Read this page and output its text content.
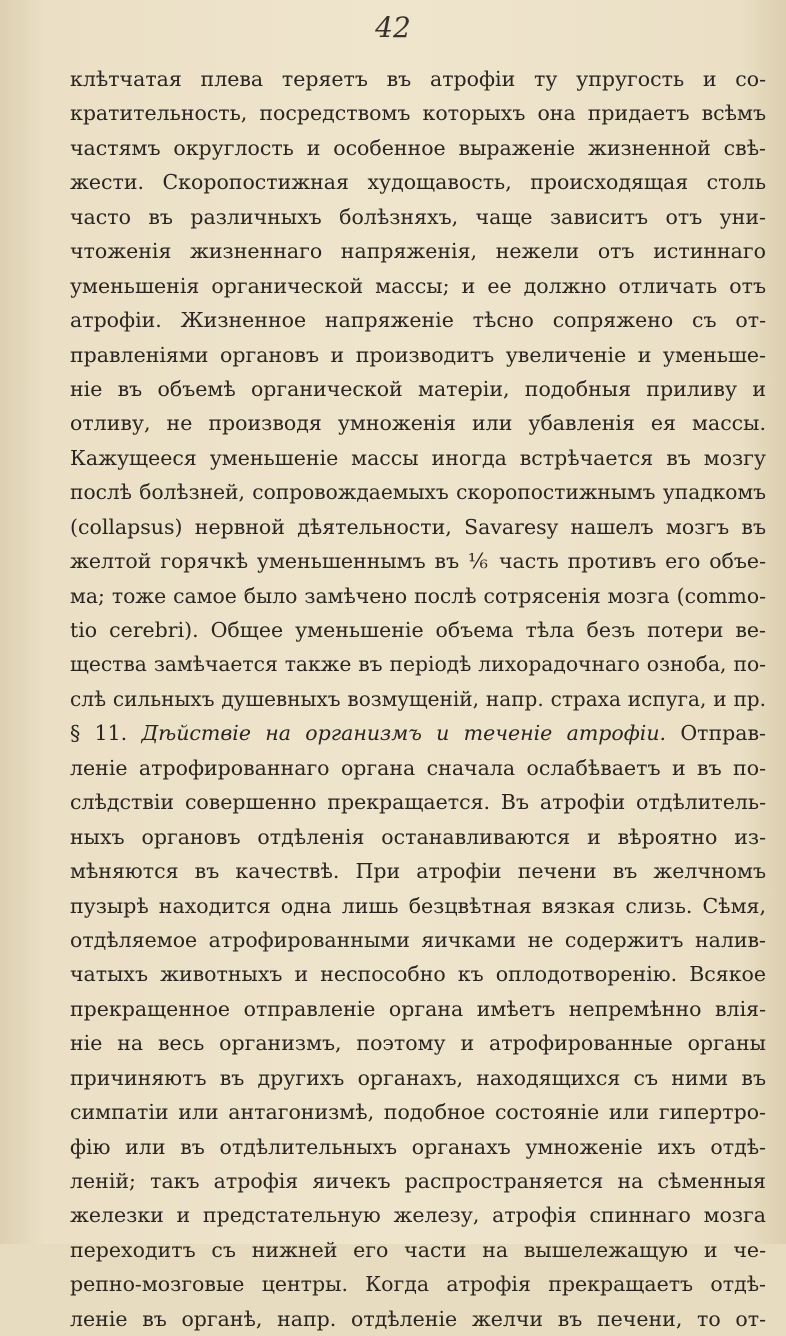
42
клѣтчатая плева теряетъ въ атрофіи ту упругость и со-
кратительность, посредствомъ которыхъ она придаетъ всѣмъ
частямъ округлость и особенное выраженіе жизненной свѣ-
жести. Скоропостижная худощавость, происходящая столь
часто въ различныхъ болѣзняхъ, чаще зависитъ отъ уни-
чтоженія жизненнаго напряженія, нежели отъ истиннаго
уменьшенія органической массы; и ее должно отличать отъ
атрофіи. Жизненное напряженіе тѣсно сопряжено съ от-
правленіями органовъ и производитъ увеличеніе и уменьше-
ніе въ объемѣ органической матеріи, подобныя приливу и
отливу, не производя умноженія или убавленія ея массы.
Кажущееся уменьшеніе массы иногда встрѣчается въ мозгу
послѣ болѣзней, сопровождаемыхъ скоропостижнымъ упадкомъ
(collapsus) нервной дѣятельности, Savaresy нашелъ мозгъ въ
желтой горячкѣ уменьшеннымъ въ ⅙ часть противъ его объе-
ма; тоже самое было замѣчено послѣ сотрясенія мозга (commo-
tio cerebri). Общее уменьшеніе объема тѣла безъ потери ве-
щества замѣчается также въ періодѣ лихорадочнаго озноба, по-
слѣ сильныхъ душевныхъ возмущеній, напр. страха испуга, и пр.
§ 11. Дѣйствіе на организмъ и теченіе атрофіи. Отправ-
леніе атрофированнаго органа сначала ослабѣваетъ и въ по-
слѣдствіи совершенно прекращается. Въ атрофіи отдѣлитель-
ныхъ органовъ отдѣленія останавливаются и вѣроятно из-
мѣняются въ качествѣ. При атрофіи печени въ желчномъ
пузырѣ находится одна лишь безцвѣтная вязкая слизь. Сѣмя,
отдѣляемое атрофированными яичками не содержитъ налив-
чатыхъ животныхъ и неспособно къ оплодотворенію. Всякое
прекращенное отправленіе органа имѣетъ непремѣнно влія-
ніе на весь организмъ, поэтому и атрофированные органы
причиняютъ въ другихъ органахъ, находящихся съ ними въ
симпатіи или антагонизмѣ, подобное состояніе или гипертро-
фію или въ отдѣлительныхъ органахъ умноженіе ихъ отдѣ-
леній; такъ атрофія яичекъ распространяется на сѣменныя
железки и предстательную железу, атрофія спиннаго мозга
переходитъ съ нижней его части на вышележащую и че-
репно-мозговые центры. Когда атрофія прекращаетъ отдѣ-
леніе въ органѣ, напр. отдѣленіе желчи въ печени, то от-
